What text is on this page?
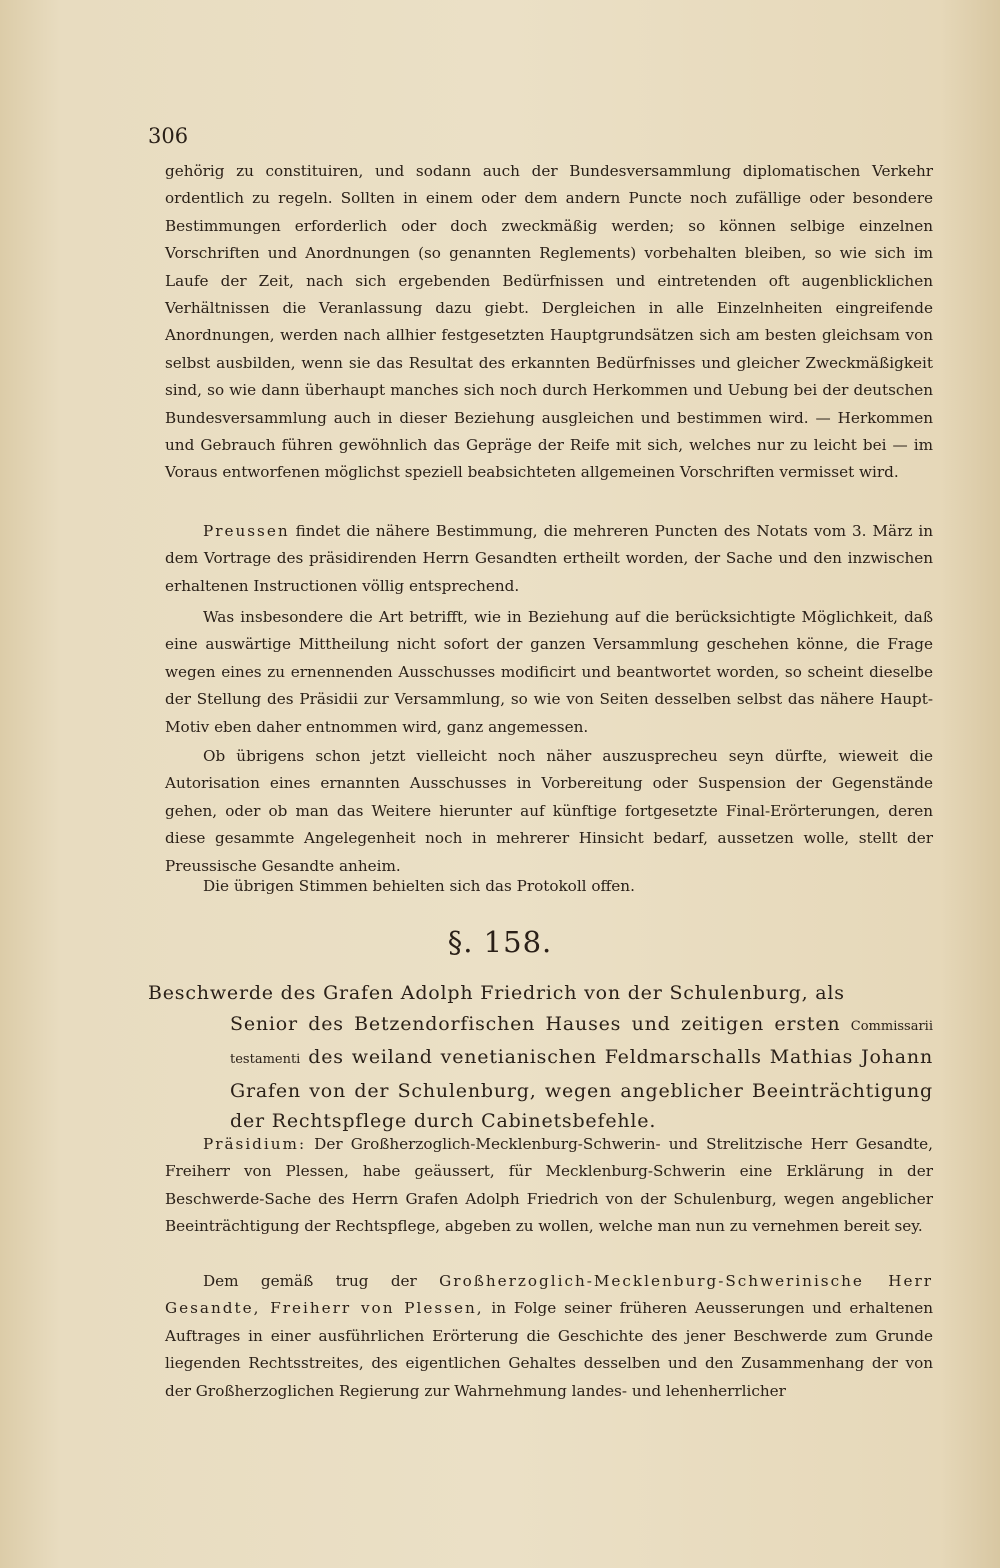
306

gehörig zu constituiren, und sodann auch der Bundesversammlung diplomatischen Verkehr ordentlich zu regeln. Sollten in einem oder dem andern Puncte noch zufällige oder besondere Bestimmungen erforderlich oder doch zweckmäßig werden; so können selbige einzelnen Vorschriften und Anordnungen (so genannten Reglements) vorbehalten bleiben, so wie sich im Laufe der Zeit, nach sich ergebenden Bedürfnissen und eintretenden oft augenblicklichen Verhältnissen die Veranlassung dazu giebt. Dergleichen in alle Einzelnheiten eingreifende Anordnungen, werden nach allhier festgesetzten Hauptgrundsätzen sich am besten gleichsam von selbst ausbilden, wenn sie das Resultat des erkannten Bedürfnisses und gleicher Zweckmäßigkeit sind, so wie dann überhaupt manches sich noch durch Herkommen und Uebung bei der deutschen Bundesversammlung auch in dieser Beziehung ausgleichen und bestimmen wird. — Herkommen und Gebrauch führen gewöhnlich das Gepräge der Reife mit sich, welches nur zu leicht bei — im Voraus entworfenen möglichst speziell beabsichteten allgemeinen Vorschriften vermisset wird.

Preussen findet die nähere Bestimmung, die mehreren Puncten des Notats vom 3. März in dem Vortrage des präsidirenden Herrn Gesandten ertheilt worden, der Sache und den inzwischen erhaltenen Instructionen völlig entsprechend.

Was insbesondere die Art betrifft, wie in Beziehung auf die berücksichtigte Möglichkeit, daß eine auswärtige Mittheilung nicht sofort der ganzen Versammlung geschehen könne, die Frage wegen eines zu ernennenden Ausschusses modificirt und beantwortet worden, so scheint dieselbe der Stellung des Präsidii zur Versammlung, so wie von Seiten desselben selbst das nähere Haupt-Motiv eben daher entnommen wird, ganz angemessen.

Ob übrigens schon jetzt vielleicht noch näher auszusprecheu seyn dürfte, wieweit die Autorisation eines ernannten Ausschusses in Vorbereitung oder Suspension der Gegenstände gehen, oder ob man das Weitere hierunter auf künftige fortgesetzte Final-Erörterungen, deren diese gesammte Angelegenheit noch in mehrerer Hinsicht bedarf, aussetzen wolle, stellt der Preussische Gesandte anheim.

Die übrigen Stimmen behielten sich das Protokoll offen.

§. 158.
Beschwerde des Grafen Adolph Friedrich von der Schulenburg, als
Senior des Betzendorfischen Hauses und zeitigen ersten Commissarii testamenti des weiland venetianischen Feldmarschalls Mathias Johann Grafen von der Schulenburg, wegen angeblicher Beeinträchtigung der Rechtspflege durch Cabinetsbefehle.

Präsidium: Der Großherzoglich-Mecklenburg-Schwerin- und Strelitzische Herr Gesandte, Freiherr von Plessen, habe geäussert, für Mecklenburg-Schwerin eine Erklärung in der Beschwerde-Sache des Herrn Grafen Adolph Friedrich von der Schulenburg, wegen angeblicher Beeinträchtigung der Rechtspflege, abgeben zu wollen, welche man nun zu vernehmen bereit sey.

Dem gemäß trug der Großherzoglich-Mecklenburg-Schwerinische Herr Gesandte, Freiherr von Plessen, in Folge seiner früheren Aeusserungen und erhaltenen Auftrages in einer ausführlichen Erörterung die Geschichte des jener Beschwerde zum Grunde liegenden Rechtsstreites, des eigentlichen Gehaltes desselben und den Zusammenhang der von der Großherzoglichen Regierung zur Wahrnehmung landes- und lehenherrlicher
